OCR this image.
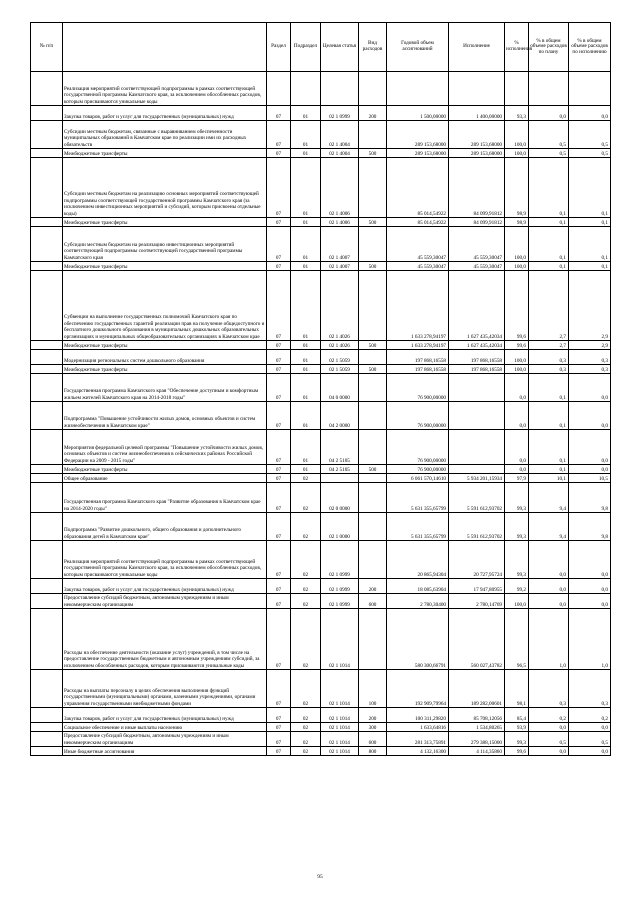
№ п/п		Раздел	Подраздел	Целевая статья	Вид расходов	Годовой объем ассигнований	Исполнение	% исполнения	% в общем объеме расходов по плану	% в общем объеме расходов по исполнению
	Реализация мероприятий соответствующей подпрограммы в рамках соответствующей государственной программы Камчатского края, за исключением обособленных расходов, которым присваиваются уникальные коды									
	Закупка товаров, работ и услуг для государственных (муниципальных) нужд	07	01	02 1 0999	200	1 500,00000	1 400,00000	93,3	0,0	0,0
	Субсидии местным бюджетам, связанные с выравниванием обеспеченности муниципальных образований в Камчатском крае по реализации ими их расходных обязательств	07	01	02 1 4004		289 153,68000	289 153,68000	100,0	0,5	0,5
	Межбюджетные трансферты	07	01	02 1 4004	500	289 153,68000	289 153,68000	100,0	0,5	0,5
	Субсидии местным бюджетам на реализацию основных мероприятий соответствующей подпрограммы соответствующей государственной программы Камчатского края (за исключением инвестиционных мероприятий и субсидий, которым присвоены отдельные коды)	07	01	02 1 4006		85 014,54922	84 099,91812	98,9	0,1	0,1
	Межбюджетные трансферты	07	01	02 1 4006	500	85 014,54922	84 099,91812	98,9	0,1	0,1
	Субсидии местным бюджетам на реализацию инвестиционных мероприятий соответствующей подпрограммы соответствующей государственной программы Камчатского края	07	01	02 1 4007		45 559,30047	45 559,30047	100,0	0,1	0,1
	Межбюджетные трансферты	07	01	02 1 4007	500	45 559,30047	45 559,30047	100,0	0,1	0,1
	Субвенции на выполнение государственных полномочий Камчатского края по обеспечению государственных гарантий реализации прав на получение общедоступного и бесплатного дошкольного образования в муниципальных дошкольных образовательных организациях и муниципальных общеобразовательных организациях в Камчатском крае	07	01	02 1 4026		1 633 278,94197	1 627 435,42034	99,6	2,7	2,9
	Межбюджетные трансферты	07	01	02 1 4026	500	1 633 278,94197	1 627 435,42034	99,6	2,7	2,9
	Модернизация региональных систем дошкольного образования	07	01	02 1 5059		197 868,16558	197 868,16558	100,0	0,3	0,3
	Межбюджетные трансферты	07	01	02 1 5059	500	197 868,16558	197 868,16558	100,0	0,3	0,3
	Государственная программа Камчатского края "Обеспечение доступным и комфортным жильем жителей Камчатского края на 2014-2018 годы"	07	01	04 0 0000		76 900,00000		0,0	0,1	0,0
	Подпрограмма "Повышение устойчивости жилых домов, основных объектов и систем жизнеобеспечения в Камчатском крае"	07	01	04 2 0000		76 900,00000		0,0	0,1	0,0
	Мероприятия федеральной целевой программы "Повышение устойчивости жилых домов, основных объектов и систем жизнеобеспечения в сейсмических районах Российской Федерации на 2009 - 2015 годы"	07	01	04 2 5105		76 900,00000		0,0	0,1	0,0
	Межбюджетные трансферты	07	01	04 2 5105	500	76 900,00000		0,0	0,1	0,0
	Общее образование	07	02			6 061 570,14610	5 934 201,15934	97,9	10,1	10,5
	Государственная программа Камчатского края "Развитие образования в Камчатском крае на 2014-2020 годы"	07	02	02 0 0000		5 631 355,65799	5 591 612,93702	99,3	9,4	9,8
	Подпрограмма "Развитие дошкольного, общего образования и дополнительного образования детей в Камчатском крае"	07	02	02 1 0000		5 631 355,65799	5 591 612,93702	99,3	9,4	9,8
	Реализация мероприятий соответствующей подпрограммы в рамках соответствующей государственной программы Камчатского края, за исключением обособленных расходов, которым присваиваются уникальные коды	07	02	02 1 0999		20 865,94304	20 727,95724	99,3	0,0	0,0
	Закупка товаров, работ и услуг для государственных (муниципальных) нужд	07	02	02 1 0999	200	18 085,63904	17 947,80955	99,2	0,0	0,0
	Предоставление субсидий бюджетным, автономным учреждениям и иным некоммерческим организациям	07	02	02 1 0999	600	2 780,30400	2 780,14769	100,0	0,0	0,0
	Расходы на обеспечение деятельности (оказание услуг) учреждений, в том числе на предоставление государственным бюджетным и автономным учреждениям субсидий, за исключением обособленных расходов, которым присваиваются уникальные коды	07	02	02 1 1014		580 300,66791	560 027,43782	96,5	1,0	1,0
	Расходы на выплаты персоналу в целях обеспечения выполнения функций государственными (муниципальными) органами, казенными учреждениями, органами управления государственными внебюджетными фондами	07	02	02 1 1014	100	192 909,79964	189 282,00601	98,1	0,3	0,3
	Закупка товаров, работ и услуг для государственных (муниципальных) нужд	07	02	02 1 1014	200	100 311,29820	85 708,12056	85,4	0,2	0,2
	Социальное обеспечение и иные выплаты населению	07	02	02 1 1014	300	1 633,64816	1 534,80265	93,9	0,0	0,0
	Предоставление субсидий бюджетным, автономным учреждениям и иным некоммерческим организациям	07	02	02 1 1014	600	281 313,75891	279 388,15000	99,3	0,5	0,5
	Иные бюджетные ассигнования	07	02	02 1 1014	800	4 132,16300	4 114,35860	99,6	0,0	0,0
95
